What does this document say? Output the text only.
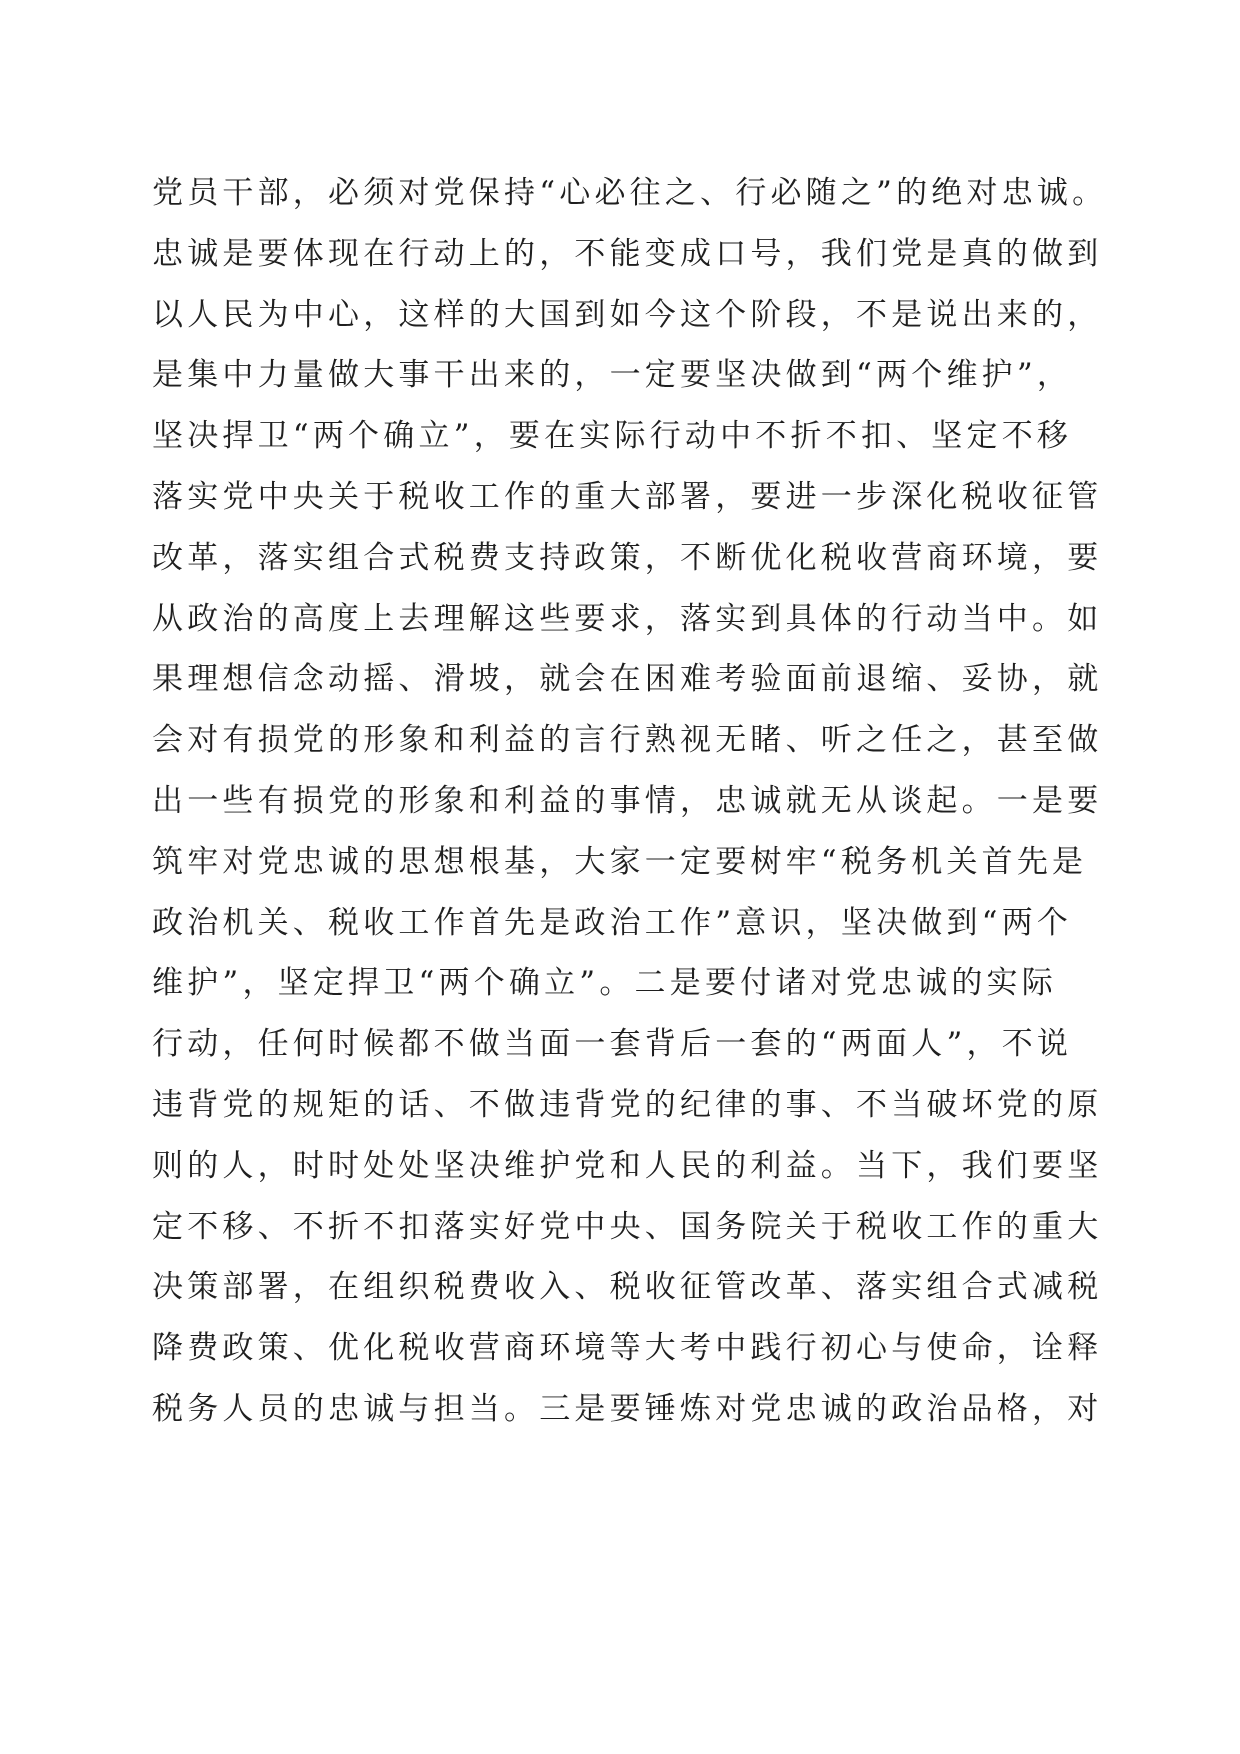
党员干部，必须对党保持“心必往之、行必随之”的绝对忠诚。
忠诚是要体现在行动上的，不能变成口号，我们党是真的做到
以人民为中心，这样的大国到如今这个阶段，不是说出来的，
是集中力量做大事干出来的，一定要坚决做到“两个维护”，
坚决捍卫“两个确立”，要在实际行动中不折不扣、坚定不移
落实党中央关于税收工作的重大部署，要进一步深化税收征管
改革，落实组合式税费支持政策，不断优化税收营商环境，要
从政治的高度上去理解这些要求，落实到具体的行动当中。如
果理想信念动摇、滑坡，就会在困难考验面前退缩、妥协，就
会对有损党的形象和利益的言行熟视无睹、听之任之，甚至做
出一些有损党的形象和利益的事情，忠诚就无从谈起。一是要
筑牢对党忠诚的思想根基，大家一定要树牢“税务机关首先是
政治机关、税收工作首先是政治工作”意识，坚决做到“两个
维护”，坚定捍卫“两个确立”。二是要付诸对党忠诚的实际
行动，任何时候都不做当面一套背后一套的“两面人”，不说
违背党的规矩的话、不做违背党的纪律的事、不当破坏党的原
则的人，时时处处坚决维护党和人民的利益。当下，我们要坚
定不移、不折不扣落实好党中央、国务院关于税收工作的重大
决策部署，在组织税费收入、税收征管改革、落实组合式减税
降费政策、优化税收营商环境等大考中践行初心与使命，诠释
税务人员的忠诚与担当。三是要锤炼对党忠诚的政治品格，对
